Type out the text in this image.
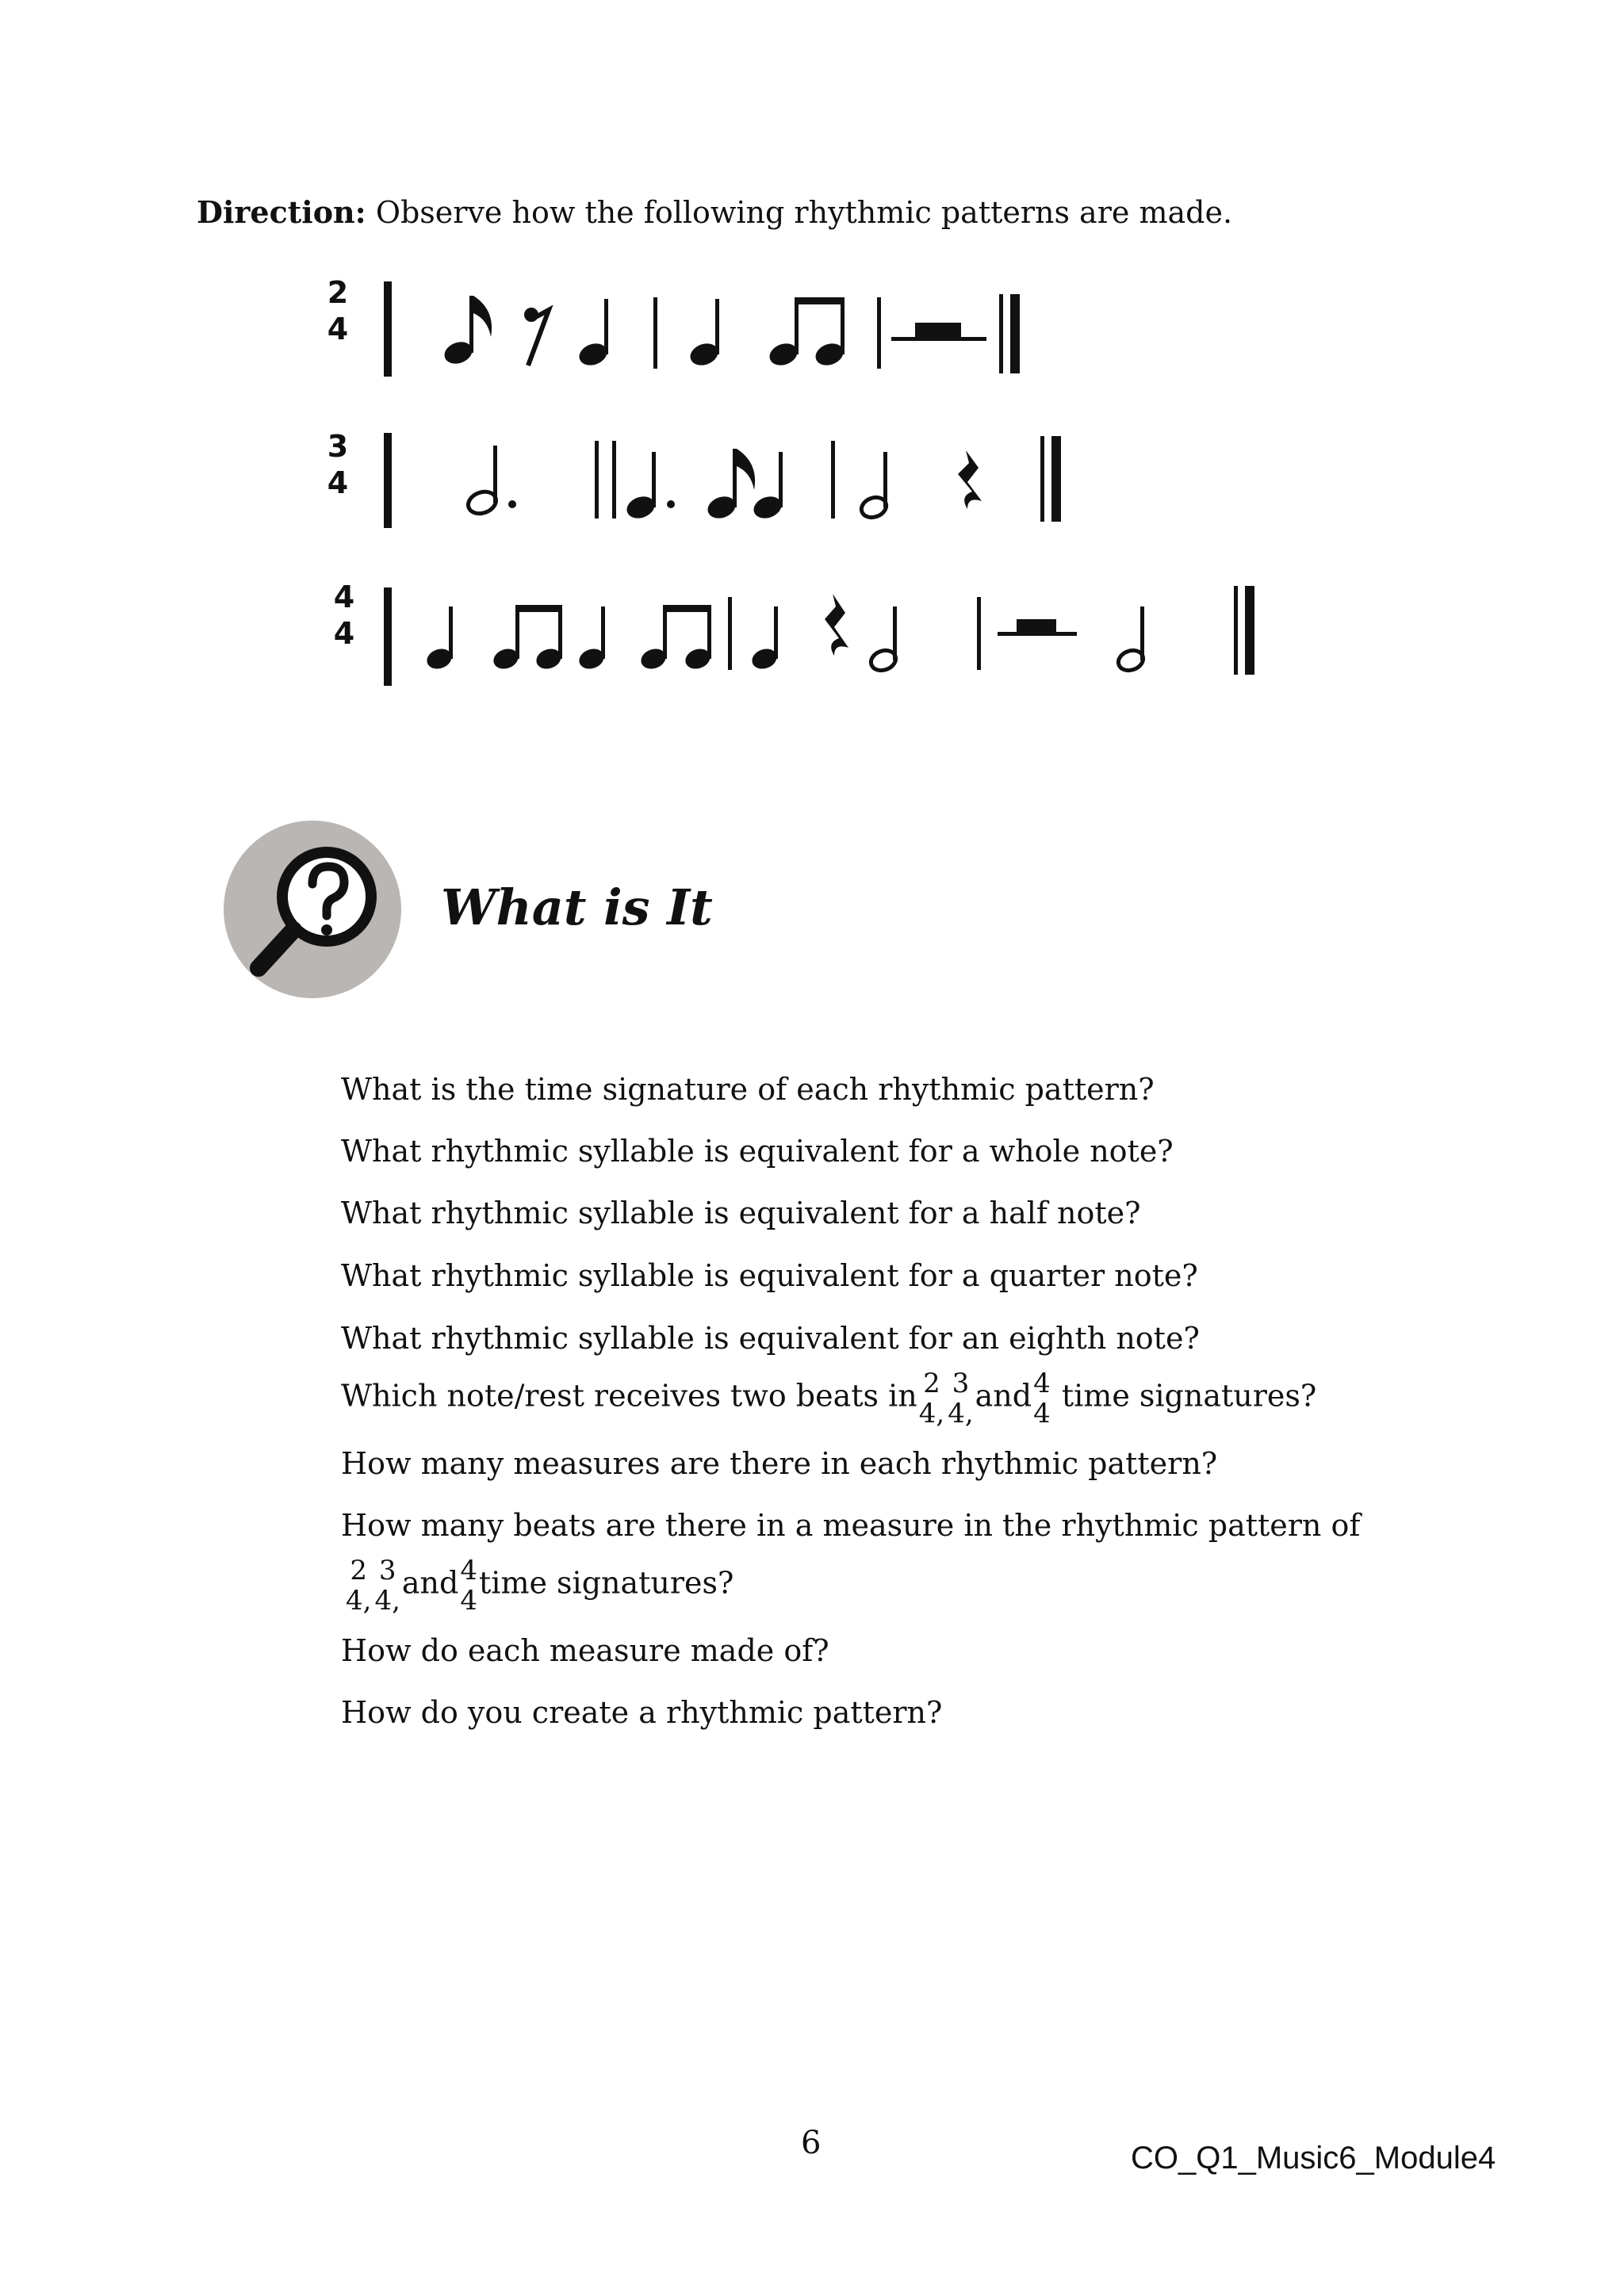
Direction: Observe how the following rhythmic patterns are made.
2
4
3
4
4
4
What is It
What is the time signature of each rhythmic pattern?
What rhythmic syllable is equivalent for a whole note?
What rhythmic syllable is equivalent for a half note?
What rhythmic syllable is equivalent for a quarter note?
What rhythmic syllable is equivalent for an eighth note?
Which note/rest receives two beats in 2
4,
3
4,
and 4
4
time signatures?
How many measures are there in each rhythmic pattern?
How many beats are there in a measure in the rhythmic pattern of
2
4,
3
4,
and 4
4
time signatures?
How do each measure made of?
How do you create a rhythmic pattern?
6	CO_Q1_Music6_Module4
